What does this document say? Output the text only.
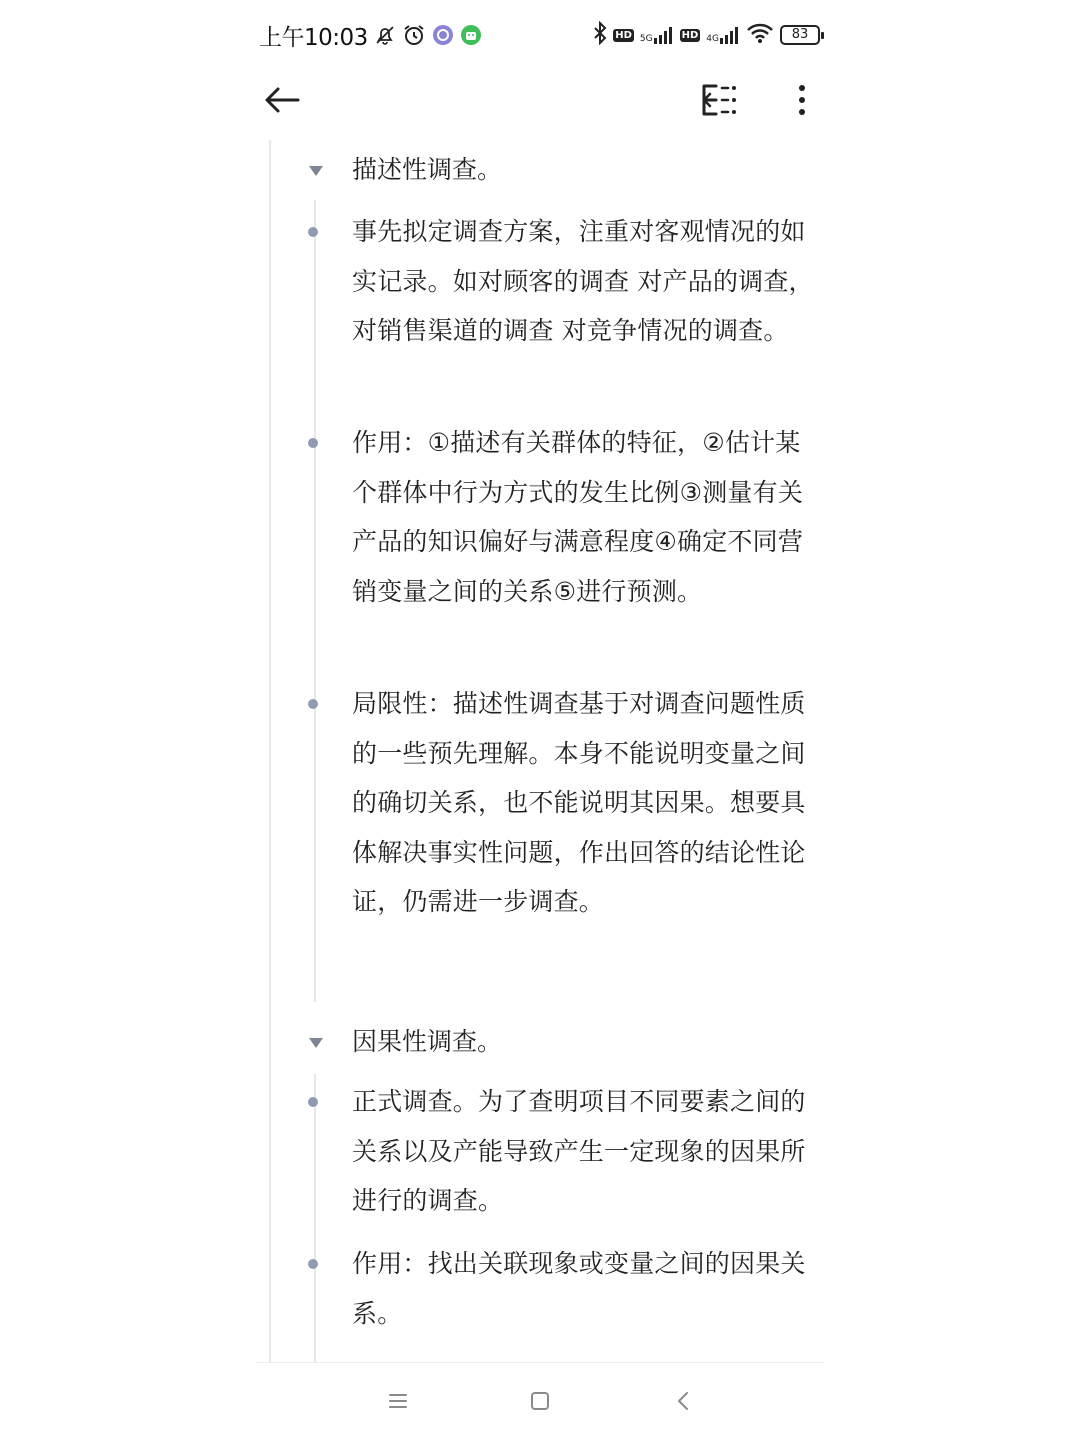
上午10:03	HD 5G	HD 4G	83
描述性调查。
事先拟定调查方案，注重对客观情况的如实记录。如对顾客的调查 对产品的调查，对销售渠道的调查 对竞争情况的调查。
作用：①描述有关群体的特征，②估计某个群体中行为方式的发生比例③测量有关产品的知识偏好与满意程度④确定不同营销变量之间的关系⑤进行预测。
局限性：描述性调查基于对调查问题性质的一些预先理解。本身不能说明变量之间的确切关系，也不能说明其因果。想要具体解决事实性问题，作出回答的结论性论证，仍需进一步调查。
因果性调查。
正式调查。为了查明项目不同要素之间的关系以及产能导致产生一定现象的因果所进行的调查。
作用：找出关联现象或变量之间的因果关系。
